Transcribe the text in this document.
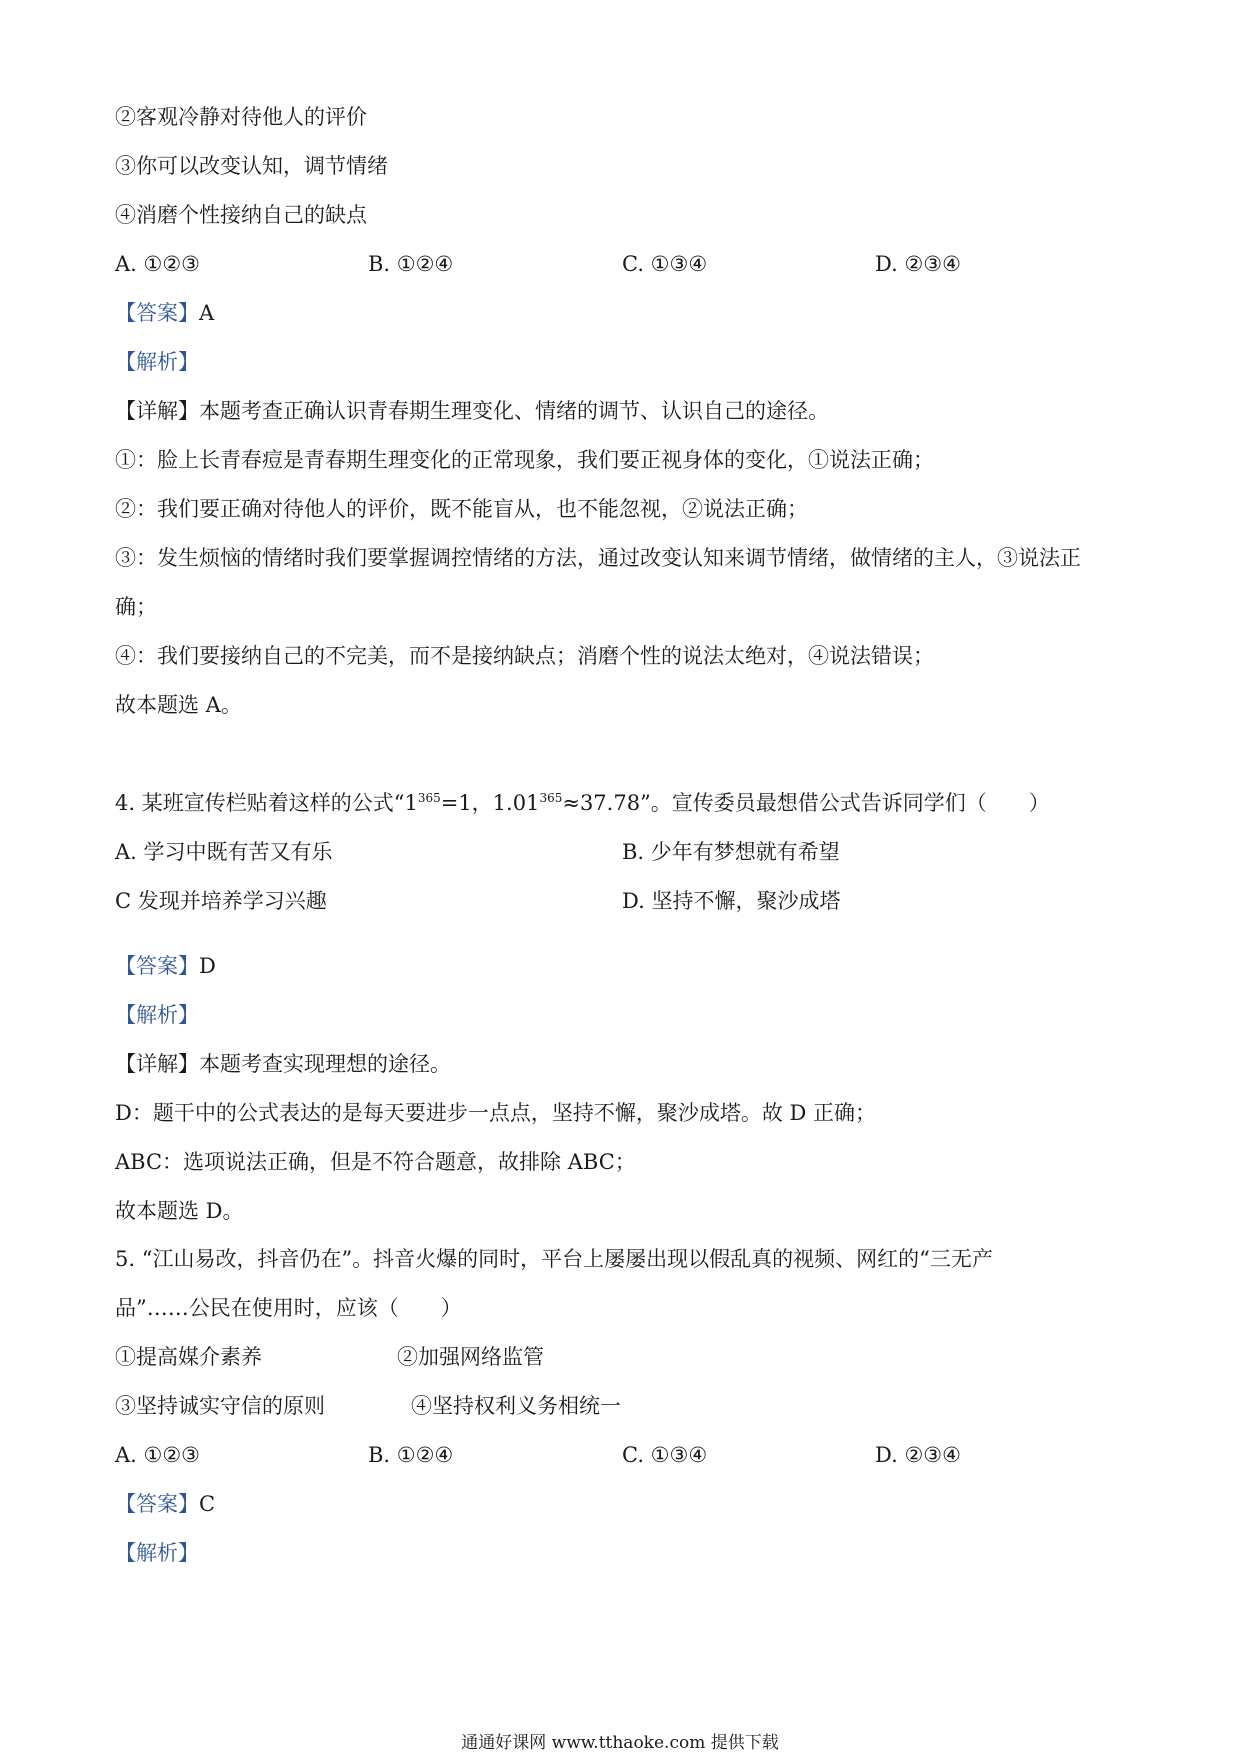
②客观冷静对待他人的评价
③你可以改变认知，调节情绪
④消磨个性接纳自己的缺点
A. ①②③	B. ①②④	C. ①③④	D. ②③④
【答案】A
【解析】
【详解】本题考查正确认识青春期生理变化、情绪的调节、认识自己的途径。
①：脸上长青春痘是青春期生理变化的正常现象，我们要正视身体的变化，①说法正确；
②：我们要正确对待他人的评价，既不能盲从，也不能忽视，②说法正确；
③：发生烦恼的情绪时我们要掌握调控情绪的方法，通过改变认知来调节情绪，做情绪的主人，③说法正
确；
④：我们要接纳自己的不完美，而不是接纳缺点；消磨个性的说法太绝对，④说法错误；
故本题选 A。
4. 某班宣传栏贴着这样的公式“$1^{365}=1$，$1.01^{365}\approx 37.78$”。宣传委员最想借公式告诉同学们（　　）
A. 学习中既有苦又有乐	B. 少年有梦想就有希望
C 发现并培养学习兴趣	D. 坚持不懈，聚沙成塔
【答案】D
【解析】
【详解】本题考查实现理想的途径。
D：题干中的公式表达的是每天要进步一点点，坚持不懈，聚沙成塔。故 D 正确；
ABC：选项说法正确，但是不符合题意，故排除 ABC；
故本题选 D。
5. “江山易改，抖音仍在”。抖音火爆的同时，平台上屡屡出现以假乱真的视频、网红的“三无产
品”……公民在使用时，应该（　　）
①提高媒介素养	②加强网络监管
③坚持诚实守信的原则	④坚持权利义务相统一
A. ①②③	B. ①②④	C. ①③④	D. ②③④
【答案】C
【解析】
通通好课网 www.tthaoke.com 提供下载
